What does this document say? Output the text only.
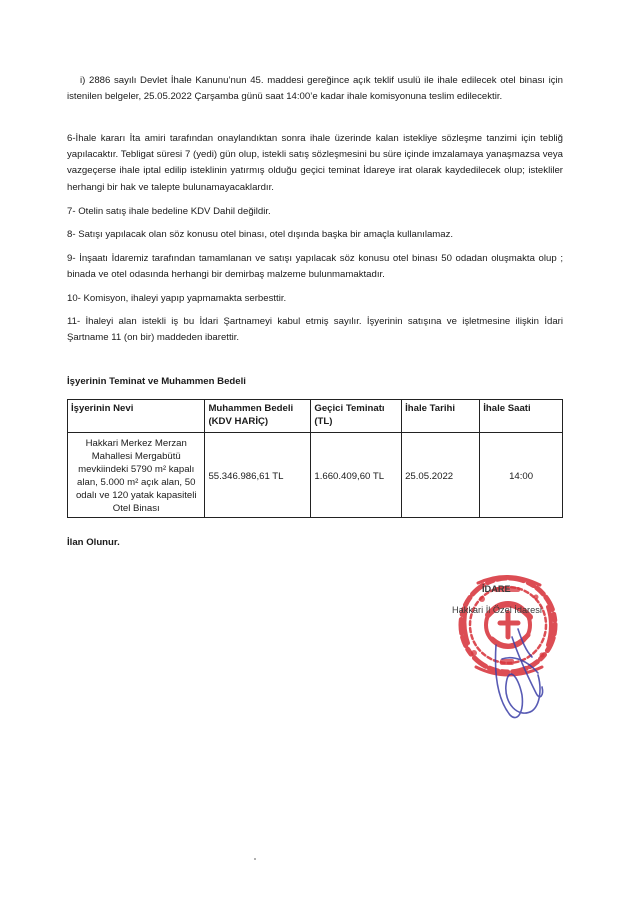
i) 2886 sayılı Devlet İhale Kanunu’nun 45. maddesi gereğince açık teklif usulü ile ihale edilecek otel binası için istenilen belgeler, 25.05.2022 Çarşamba günü saat 14:00’e kadar ihale komisyonuna teslim edilecektir.

6-İhale kararı İta amiri tarafından onaylandıktan sonra ihale üzerinde kalan istekliye sözleşme tanzimi için tebliğ yapılacaktır. Tebligat süresi 7 (yedi) gün olup, istekli satış sözleşmesini bu süre içinde imzalamaya yanaşmazsa veya vazgeçerse ihale iptal edilip isteklinin yatırmış olduğu geçici teminat İdareye irat olarak kaydedilecek olup; istekliler herhangi bir hak ve talepte bulunamayacaklardır.

7- Otelin satış ihale bedeline KDV Dahil değildir.

8- Satışı yapılacak olan söz konusu otel binası, otel dışında başka bir amaçla kullanılamaz.

9- İnşaatı İdaremiz tarafından tamamlanan ve satışı yapılacak söz konusu otel binası 50 odadan oluşmakta olup ; binada ve otel odasında herhangi bir demirbaş malzeme bulunmamaktadır.

10- Komisyon, ihaleyi yapıp yapmamakta serbesttir.

11- İhaleyi alan istekli iş bu İdari Şartnameyi kabul etmiş sayılır. İşyerinin satışına ve işletmesine ilişkin İdari Şartname 11 (on bir) maddeden ibarettir.

İşyerinin Teminat ve Muhammen Bedeli

İşyerinin Nevi	Muhammen Bedeli (KDV HARİÇ)	Geçici Teminatı (TL)	İhale Tarihi	İhale Saati
Hakkari Merkez Merzan Mahallesi Mergabütü mevkiindeki 5790 m² kapalı alan, 5.000 m² açık alan, 50 odalı ve 120 yatak kapasiteli Otel Binası	55.346.986,61 TL	1.660.409,60 TL	25.05.2022	14:00

İlan Olunur.

İDARE
Hakkari İl Özel İdaresi
